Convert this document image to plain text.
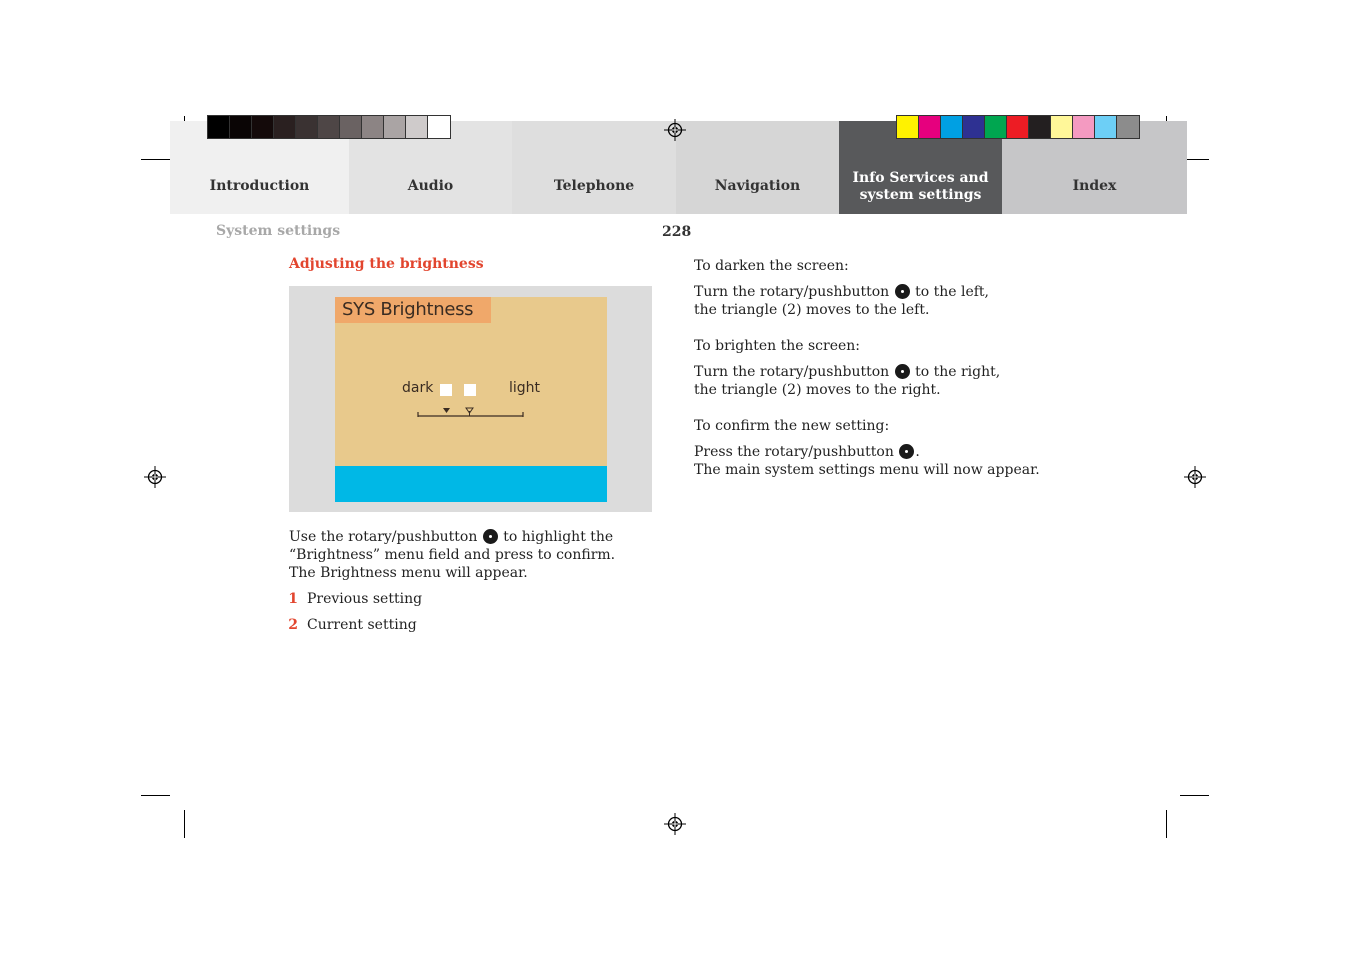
Introduction	Audio	Telephone	Navigation	Info Services and
system settings
Index
System settings	228
Adjusting the brightness
SYS Brightness
dark	light

Use the rotary/pushbutton to highlight the
“Brightness” menu field and press to confirm.
The Brightness menu will appear.

1 Previous setting

2 Current setting

To darken the screen:

Turn the rotary/pushbutton to the left,
the triangle (2) moves to the left.

To brighten the screen:

Turn the rotary/pushbutton to the right,
the triangle (2) moves to the right.

To confirm the new setting:

Press the rotary/pushbutton .
The main system settings menu will now appear.
